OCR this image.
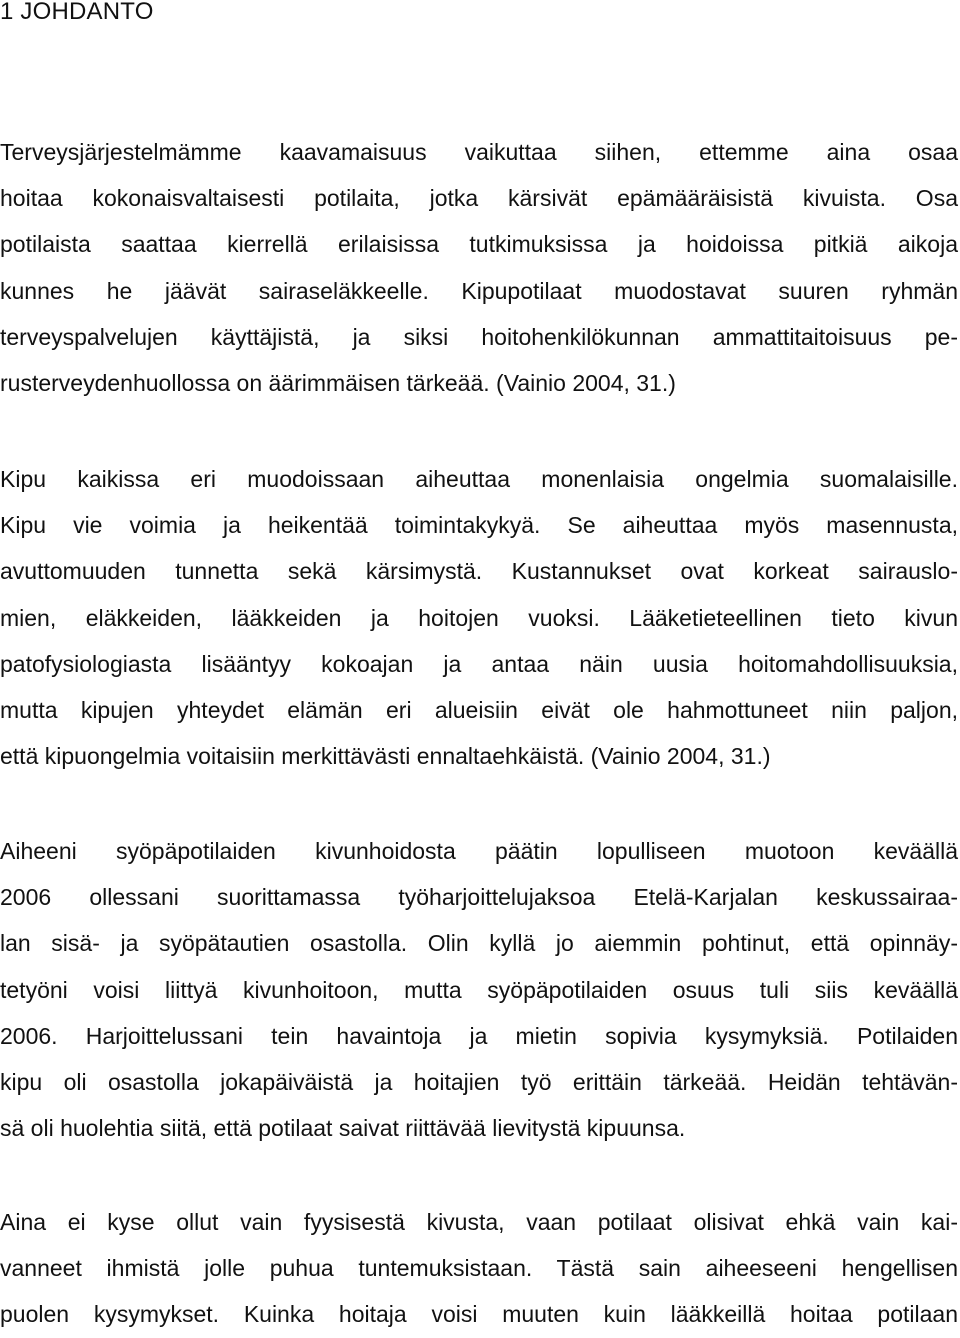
1 JOHDANTO
Terveysjärjestelmämme kaavamaisuus vaikuttaa siihen, ettemme aina osaa
hoitaa kokonaisvaltaisesti potilaita, jotka kärsivät epämääräisistä kivuista. Osa
potilaista saattaa kierrellä erilaisissa tutkimuksissa ja hoidoissa pitkiä aikoja
kunnes he jäävät sairaseläkkeelle. Kipupotilaat muodostavat suuren ryhmän
terveyspalvelujen käyttäjistä, ja siksi hoitohenkilökunnan ammattitaitoisuus pe-
rusterveydenhuollossa on äärimmäisen tärkeää. (Vainio 2004, 31.)
Kipu kaikissa eri muodoissaan aiheuttaa monenlaisia ongelmia suomalaisille.
Kipu vie voimia ja heikentää toimintakykyä. Se aiheuttaa myös masennusta,
avuttomuuden tunnetta sekä kärsimystä. Kustannukset ovat korkeat sairauslo-
mien, eläkkeiden, lääkkeiden ja hoitojen vuoksi. Lääketieteellinen tieto kivun
patofysiologiasta lisääntyy kokoajan ja antaa näin uusia hoitomahdollisuuksia,
mutta kipujen yhteydet elämän eri alueisiin eivät ole hahmottuneet niin paljon,
että kipuongelmia voitaisiin merkittävästi ennaltaehkäistä. (Vainio 2004, 31.)
Aiheeni syöpäpotilaiden kivunhoidosta päätin lopulliseen muotoon keväällä
2006 ollessani suorittamassa työharjoittelujaksoa Etelä-Karjalan keskussairaa-
lan sisä- ja syöpätautien osastolla. Olin kyllä jo aiemmin pohtinut, että opinnäy-
tetyöni voisi liittyä kivunhoitoon, mutta syöpäpotilaiden osuus tuli siis keväällä
2006. Harjoittelussani tein havaintoja ja mietin sopivia kysymyksiä. Potilaiden
kipu oli osastolla jokapäiväistä ja hoitajien työ erittäin tärkeää. Heidän tehtävän-
sä oli huolehtia siitä, että potilaat saivat riittävää lievitystä kipuunsa.
Aina ei kyse ollut vain fyysisestä kivusta, vaan potilaat olisivat ehkä vain kai-
vanneet ihmistä jolle puhua tuntemuksistaan. Tästä sain aiheeseeni hengellisen
puolen kysymykset. Kuinka hoitaja voisi muuten kuin lääkkeillä hoitaa potilaan
